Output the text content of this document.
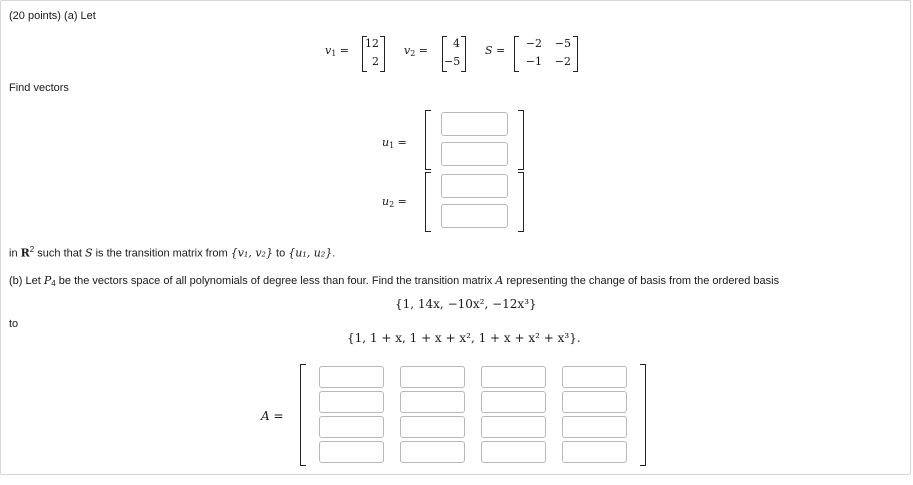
(20 points) (a) Let
$v_1$ =
12
2
$v_2$ =
4
−5
S =
−2	−5
−1	−2
Find vectors
$u_1$ =
$u_2$ =
in $R^2$ such that S is the transition matrix from {v₁, v₂} to {u₁, u₂}.
(b) Let $P_4$ be the vectors space of all polynomials of degree less than four. Find the transition matrix A representing the change of basis from the ordered basis
{1, 14x, −10x², −12x³}
to
{1, 1 + x, 1 + x + x², 1 + x + x² + x³}.
A =
